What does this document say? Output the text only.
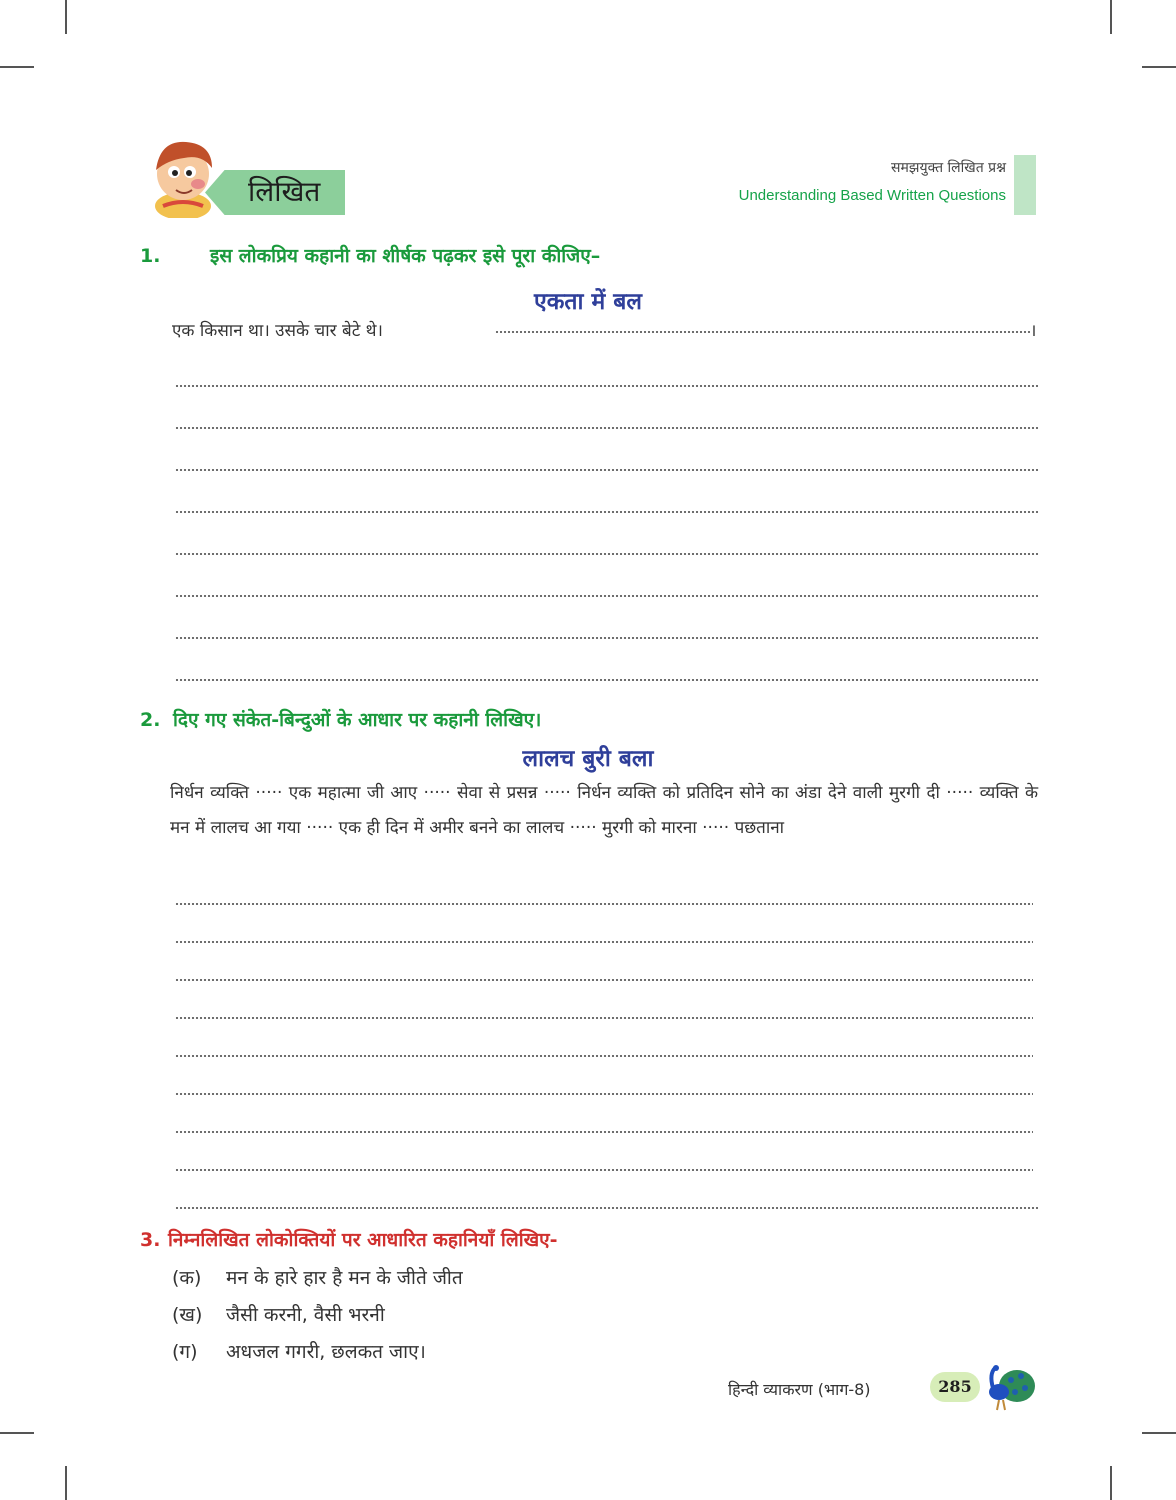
लिखित
समझयुक्त लिखित प्रश्न
Understanding Based Written Questions
1.	इस लोकप्रिय कहानी का शीर्षक पढ़कर इसे पूरा कीजिए–
एकता में बल
एक किसान था। उसके चार बेटे थे।	।
2. दिए गए संकेत-बिन्दुओं के आधार पर कहानी लिखिए।
लालच बुरी बला
निर्धन व्यक्ति ····· एक महात्मा जी आए ····· सेवा से प्रसन्न ····· निर्धन व्यक्ति को प्रतिदिन सोने का अंडा देने वाली मुरगी दी ····· व्यक्ति के मन में लालच आ गया ····· एक ही दिन में अमीर बनने का लालच ····· मुरगी को मारना ····· पछताना
3. निम्नलिखित लोकोक्तियों पर आधारित कहानियाँ लिखिए-
(क) मन के हारे हार है मन के जीते जीत
(ख) जैसी करनी, वैसी भरनी
(ग) अधजल गगरी, छलकत जाए।
हिन्दी व्याकरण (भाग-8)	285
